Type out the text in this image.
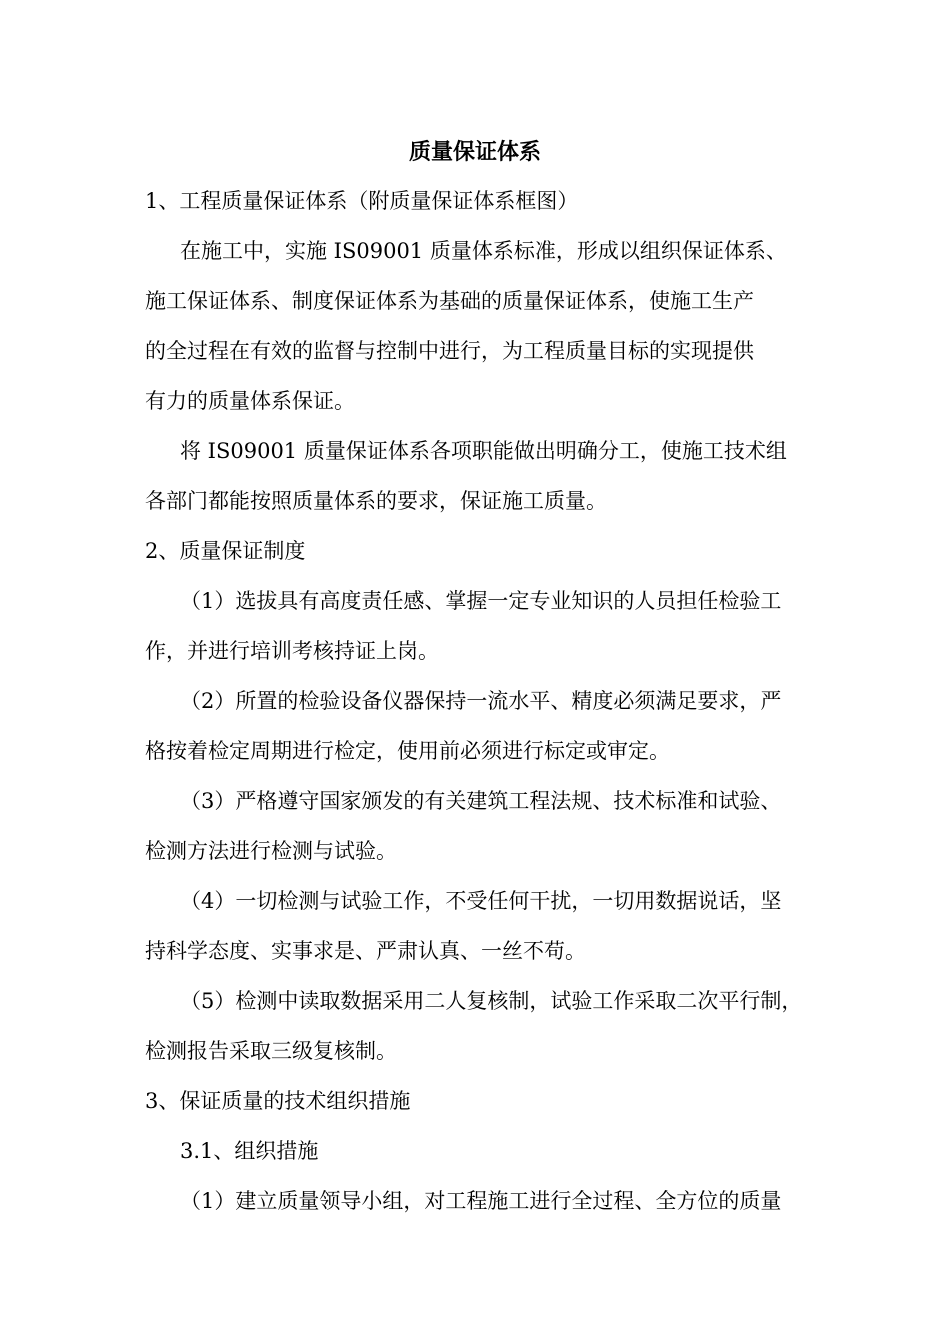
质量保证体系
1、工程质量保证体系（附质量保证体系框图）
在施工中，实施 IS09001 质量体系标准，形成以组织保证体系、
施工保证体系、制度保证体系为基础的质量保证体系，使施工生产
的全过程在有效的监督与控制中进行，为工程质量目标的实现提供
有力的质量体系保证。
将 IS09001 质量保证体系各项职能做出明确分工，使施工技术组
各部门都能按照质量体系的要求，保证施工质量。
2、质量保证制度
（1）选拔具有高度责任感、掌握一定专业知识的人员担任检验工
作，并进行培训考核持证上岗。
（2）所置的检验设备仪器保持一流水平、精度必须满足要求，严
格按着检定周期进行检定，使用前必须进行标定或审定。
（3）严格遵守国家颁发的有关建筑工程法规、技术标准和试验、
检测方法进行检测与试验。
（4）一切检测与试验工作，不受任何干扰，一切用数据说话，坚
持科学态度、实事求是、严肃认真、一丝不苟。
（5）检测中读取数据采用二人复核制，试验工作采取二次平行制，
检测报告采取三级复核制。
3、保证质量的技术组织措施
3.1、组织措施
（1）建立质量领导小组，对工程施工进行全过程、全方位的质量
